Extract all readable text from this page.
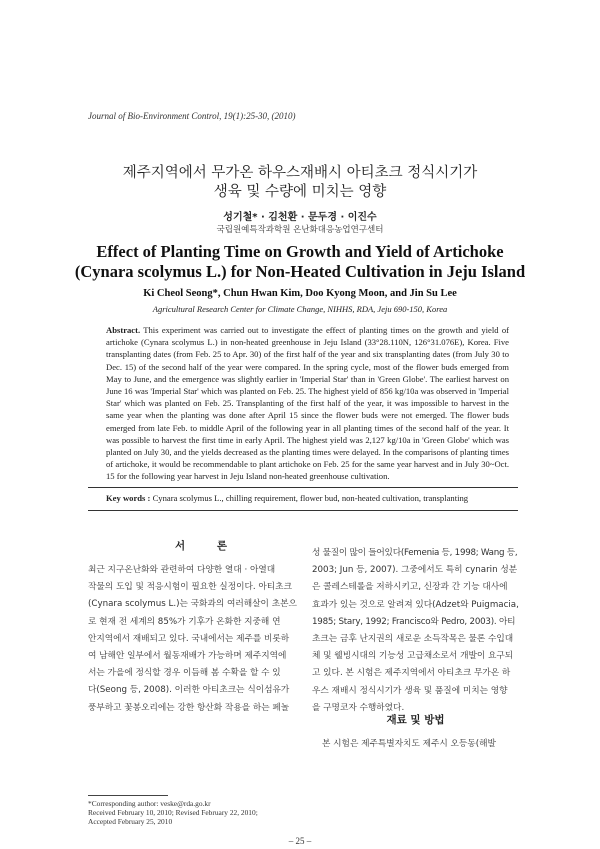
Journal of Bio-Environment Control, 19(1):25-30, (2010)
제주지역에서 무가온 하우스재배시 아티초크 정식시기가
생육 및 수량에 미치는 영향
성기철* · 김천환 · 문두경 · 이진수
국립원예특작과학원 온난화대응농업연구센터
Effect of Planting Time on Growth and Yield of Artichoke
(Cynara scolymus L.) for Non-Heated Cultivation in Jeju Island
Ki Cheol Seong*, Chun Hwan Kim, Doo Kyong Moon, and Jin Su Lee
Agricultural Research Center for Climate Change, NIHHS, RDA, Jeju 690-150, Korea
Abstract. This experiment was carried out to investigate the effect of planting times on the growth and yield of artichoke (Cynara scolymus L.) in non-heated greenhouse in Jeju Island (33°28.110N, 126°31.076E), Korea. Five transplanting dates (from Feb. 25 to Apr. 30) of the first half of the year and six transplanting dates (from July 30 to Dec. 15) of the second half of the year were compared. In the spring cycle, most of the flower buds emerged from May to June, and the emergence was slightly earlier in 'Imperial Star' than in 'Green Globe'. The earliest harvest on June 16 was 'Imperial Star' which was planted on Feb. 25. The highest yield of 856 kg/10a was observed in 'Imperial Star' which was planted on Feb. 25. Transplanting of the first half of the year, it was impossible to harvest in the same year when the planting was done after April 15 since the flower buds were not emerged. The flower buds emerged from late Feb. to middle April of the following year in all planting times of the second half of the year. It was possible to harvest the first time in early April. The highest yield was 2,127 kg/10a in 'Green Globe' which was planted on July 30, and the yields decreased as the planting times were delayed. In the comparisons of planting times of artichoke, it would be recommendable to plant artichoke on Feb. 25 for the same year harvest and in July 30~Oct. 15 for the following year harvest in Jeju Island non-heated greenhouse cultivation.
Key words : Cynara scolymus L., chilling requirement, flower bud, non-heated cultivation, transplanting
서 론
최근 지구온난화와 관련하여 다양한 열대 · 아열대
작물의 도입 및 적응시험이 필요한 실정이다. 아티초크
(Cynara scolymus L.)는 국화과의 여러해살이 초본으
로 현재 전 세계의 85%가 기후가 온화한 지중해 연
안지역에서 재배되고 있다. 국내에서는 제주를 비롯하
여 남해안 일부에서 월동재배가 가능하며 제주지역에
서는 가을에 정식할 경우 이듬해 봄 수확을 할 수 있
다(Seong 등, 2008). 이러한 아티초크는 식이섬유가
풍부하고 꽃봉오리에는 강한 항산화 작용을 하는 페놀
성 물질이 많이 들어있다(Femenia 등, 1998; Wang 등,
2003; Jun 등, 2007). 그중에서도 특히 cynarin 성분
은 콜레스테롤을 저하시키고, 신장과 간 기능 대사에
효과가 있는 것으로 알려져 있다(Adzet와 Puigmacia,
1985; Stary, 1992; Francisco와 Pedro, 2003). 아티
초크는 금후 난지권의 새로운 소득작목은 물론 수입대
체 및 웰빙시대의 기능성 고급채소로서 개발이 요구되
고 있다. 본 시험은 제주지역에서 아티초크 무가온 하
우스 재배시 정식시기가 생육 및 품질에 미치는 영향
을 구명코자 수행하였다.
재료 및 방법
본 시험은 제주특별자치도 제주시 오등동(해발
*Corresponding author: veske@rda.go.kr
Received February 10, 2010; Revised February 22, 2010;
Accepted February 25, 2010
– 25 –
